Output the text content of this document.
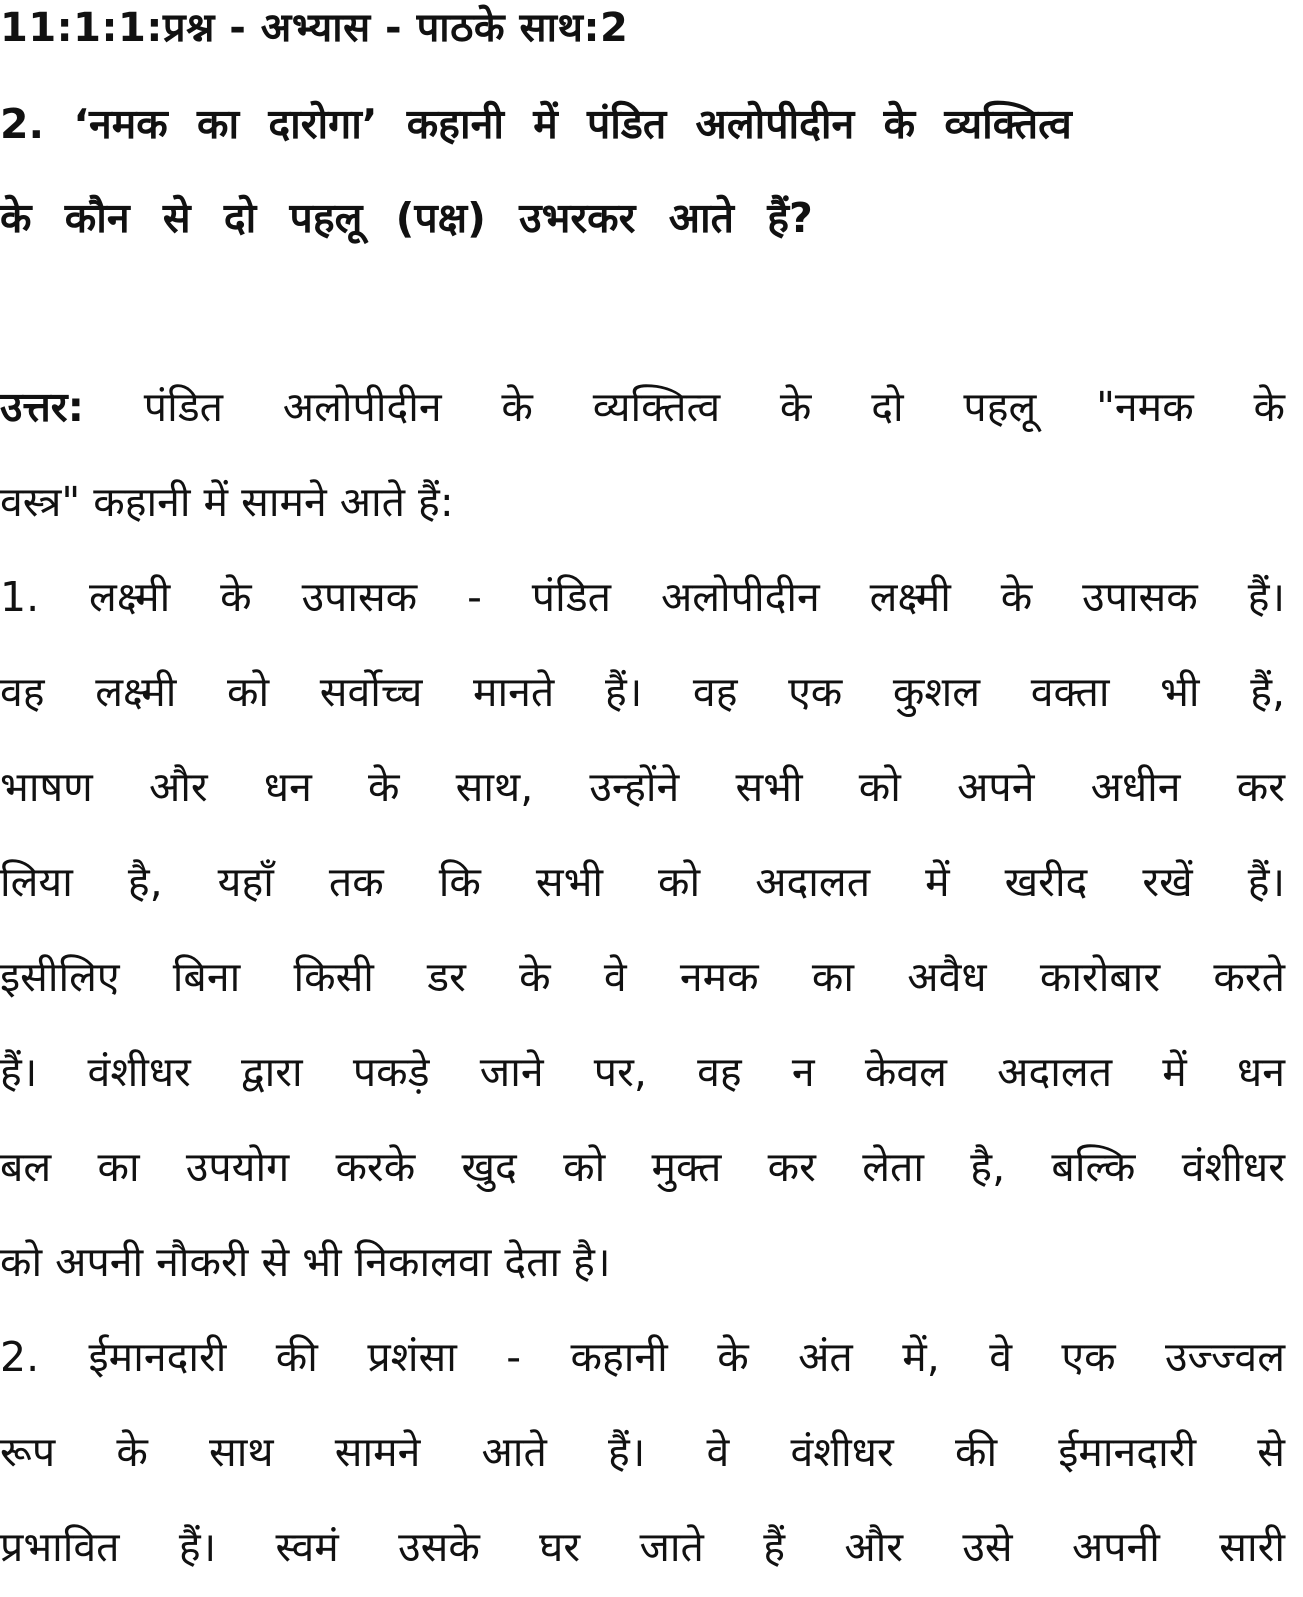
11:1:1:प्रश्न - अभ्यास - पाठके साथ:2
2. ‘नमक का दारोगा’ कहानी में पंडित अलोपीदीन के व्यक्तित्व
के कौन से दो पहलू (पक्ष) उभरकर आते हैं?
उत्तर: पंडित अलोपीदीन के व्यक्तित्व के दो पहलू "नमक के
वस्त्र" कहानी में सामने आते हैं:
1. लक्ष्मी के उपासक - पंडित अलोपीदीन लक्ष्मी के उपासक हैं।
वह लक्ष्मी को सर्वोच्च मानते हैं। वह एक कुशल वक्ता भी हैं,
भाषण और धन के साथ, उन्होंने सभी को अपने अधीन कर
लिया है, यहाँ तक कि सभी को अदालत में खरीद रखें हैं।
इसीलिए बिना किसी डर के वे नमक का अवैध कारोबार करते
हैं। वंशीधर द्वारा पकड़े जाने पर, वह न केवल अदालत में धन
बल का उपयोग करके खुद को मुक्त कर लेता है, बल्कि वंशीधर
को अपनी नौकरी से भी निकालवा देता है।
2. ईमानदारी की प्रशंसा - कहानी के अंत में, वे एक उज्ज्वल
रूप के साथ सामने आते हैं। वे वंशीधर की ईमानदारी से
प्रभावित हैं। स्वमं उसके घर जाते हैं और उसे अपनी सारी
